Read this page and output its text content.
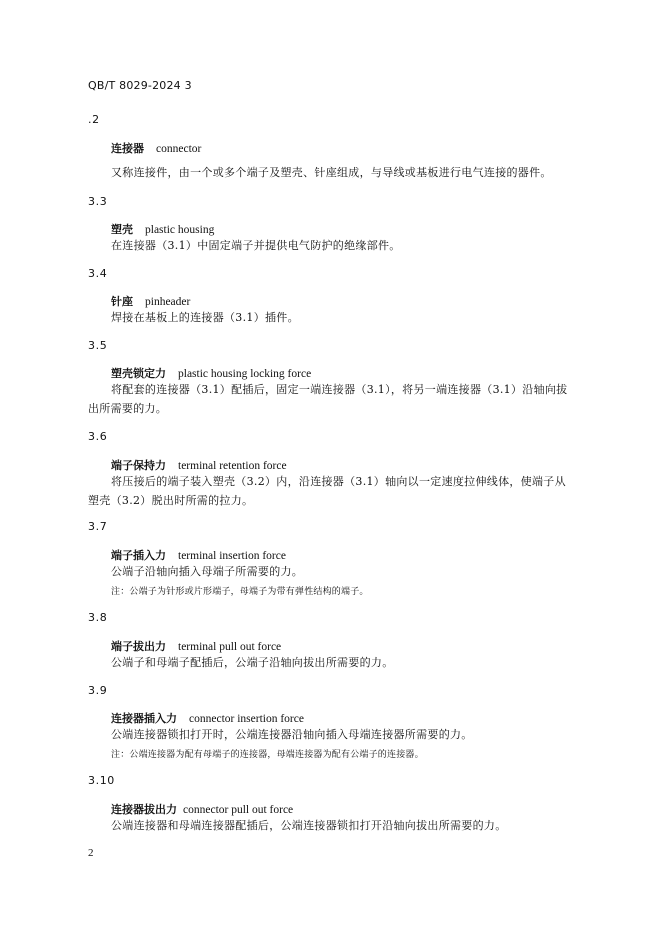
QB/T 8029-2024 3
.2
连接器 connector
又称连接件，由一个或多个端子及塑壳、针座组成，与导线或基板进行电气连接的器件。
3.3
塑壳 plastic housing
在连接器（3.1）中固定端子并提供电气防护的绝缘部件。
3.4
针座 pinheader
焊接在基板上的连接器（3.1）插件。
3.5
塑壳锁定力 plastic housing locking force
将配套的连接器（3.1）配插后，固定一端连接器（3.1），将另一端连接器（3.1）沿轴向拔出所需要的力。
3.6
端子保持力 terminal retention force
将压接后的端子装入塑壳（3.2）内，沿连接器（3.1）轴向以一定速度拉伸线体，使端子从塑壳（3.2）脱出时所需的拉力。
3.7
端子插入力 terminal insertion force
公端子沿轴向插入母端子所需要的力。
注：公端子为针形或片形端子，母端子为带有弹性结构的端子。
3.8
端子拔出力 terminal pull out force
公端子和母端子配插后，公端子沿轴向拔出所需要的力。
3.9
连接器插入力 connector insertion force
公端连接器锁扣打开时，公端连接器沿轴向插入母端连接器所需要的力。
注：公端连接器为配有母端子的连接器，母端连接器为配有公端子的连接器。
3.10
连接器拔出力 connector pull out force
公端连接器和母端连接器配插后，公端连接器锁扣打开沿轴向拔出所需要的力。
2
